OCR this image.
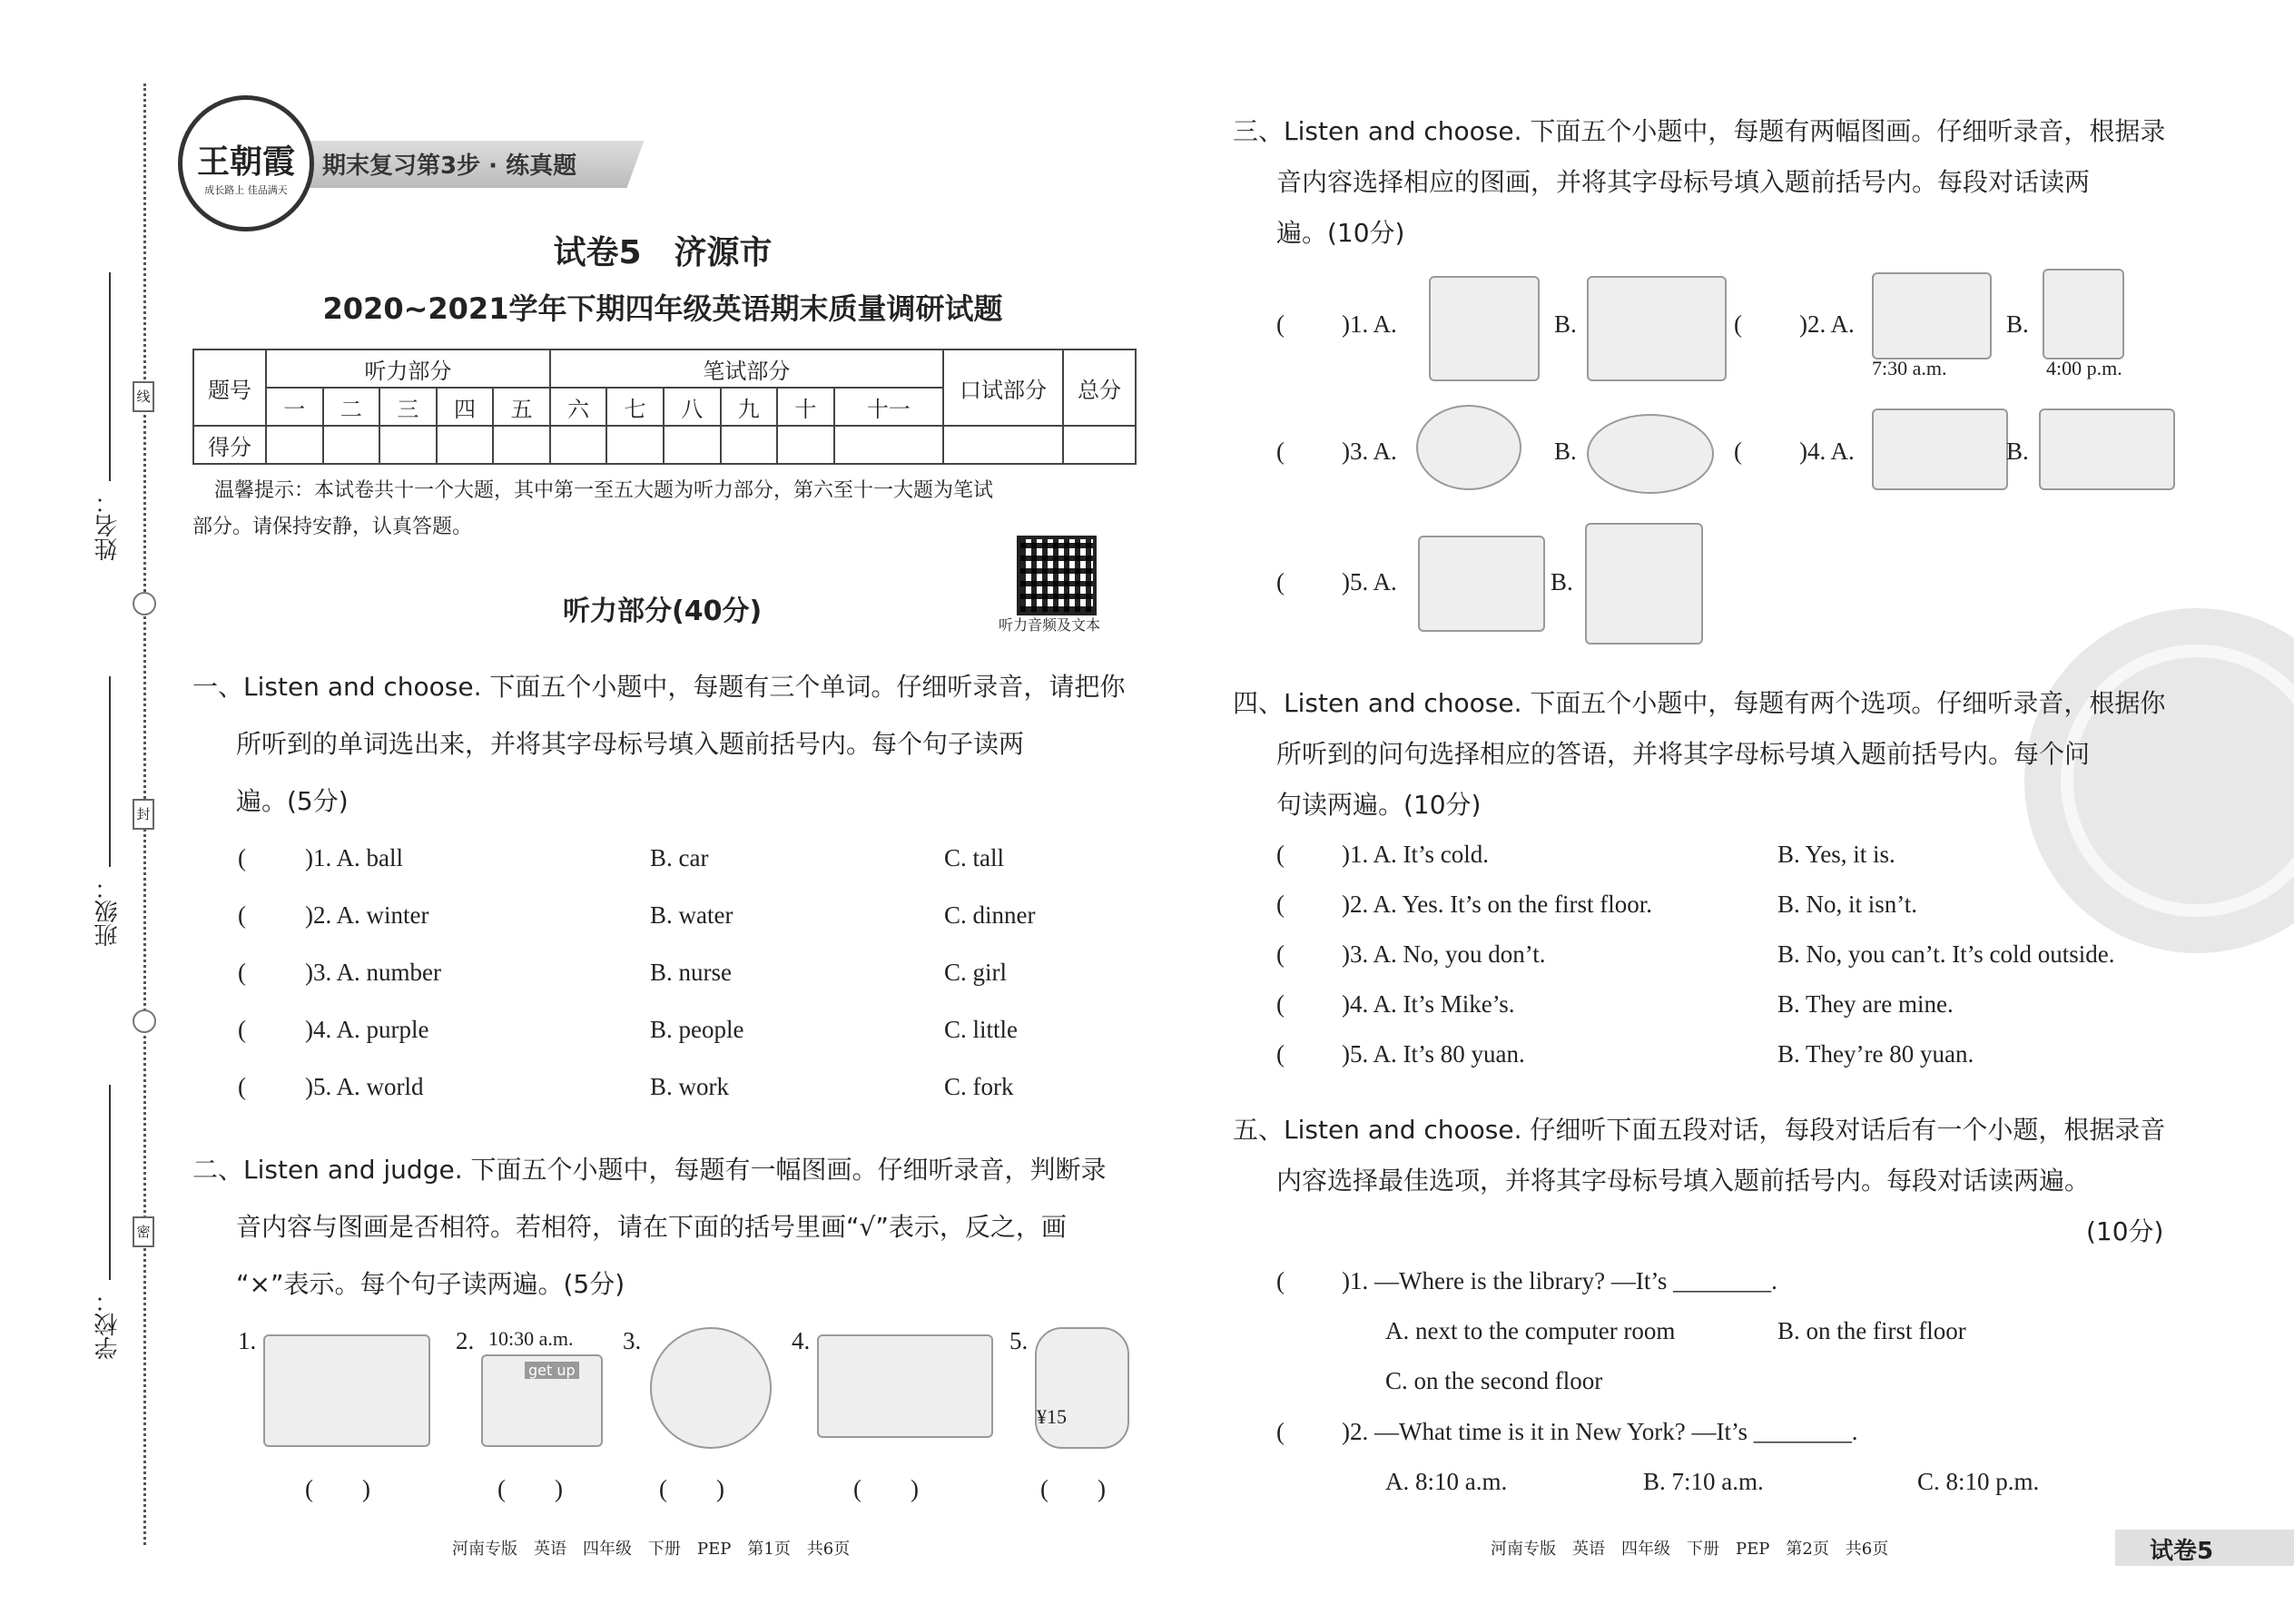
姓名：
班级：
学校：
线
封
密
期末复习第3步 · 练真题
王朝霞
成长路上 佳品满天
试卷5　济源市
2020~2021学年下期四年级英语期末质量调研试题
题号	听力部分					笔试部分						口试部分	总分
	一	二	三	四	五	六	七	八	九	十	十一		
得分													
温馨提示：本试卷共十一个大题，其中第一至五大题为听力部分，第六至十一大题为笔试
部分。请保持安静，认真答题。
听力音频及文本
听力部分(40分)
一、Listen and choose. 下面五个小题中，每题有三个单词。仔细听录音，请把你
所听到的单词选出来，并将其字母标号填入题前括号内。每个句子读两
遍。(5分)
( )1. A. ball	B. car	C. tall
( )2. A. winter	B. water	C. dinner
( )3. A. number	B. nurse	C. girl
( )4. A. purple	B. people	C. little
( )5. A. world	B. work	C. fork
二、Listen and judge. 下面五个小题中，每题有一幅图画。仔细听录音，判断录
音内容与图画是否相符。若相符，请在下面的括号里画“√”表示，反之，画
“×”表示。每个句子读两遍。(5分)
1.	2. 10:30 a.m.
get up
3.	4.	5.
¥15
(　　)	(　　)	(　　)	(　　)	(　　)
河南专版　英语　四年级　下册　PEP　第1页　共6页
三、Listen and choose. 下面五个小题中，每题有两幅图画。仔细听录音，根据录
音内容选择相应的图画，并将其字母标号填入题前括号内。每段对话读两
遍。(10分)
( )1. A.	B.	( )2. A.
7:30 a.m.
B.
4:00 p.m.
( )3. A.	B.	( )4. A.	B.
( )5. A.	B.
四、Listen and choose. 下面五个小题中，每题有两个选项。仔细听录音，根据你
所听到的问句选择相应的答语，并将其字母标号填入题前括号内。每个问
句读两遍。(10分)
( )1. A. It’s cold.	B. Yes, it is.
( )2. A. Yes. It’s on the first floor.	B. No, it isn’t.
( )3. A. No, you don’t.	B. No, you can’t. It’s cold outside.
( )4. A. It’s Mike’s.	B. They are mine.
( )5. A. It’s 80 yuan.	B. They’re 80 yuan.
五、Listen and choose. 仔细听下面五段对话，每段对话后有一个小题，根据录音
内容选择最佳选项，并将其字母标号填入题前括号内。每段对话读两遍。
(10分)
( )1. —Where is the library? —It’s ________.
A. next to the computer room	B. on the first floor
C. on the second floor
( )2. —What time is it in New York? —It’s ________.
A. 8:10 a.m.	B. 7:10 a.m.	C. 8:10 p.m.
河南专版　英语　四年级　下册　PEP　第2页　共6页	试卷5
